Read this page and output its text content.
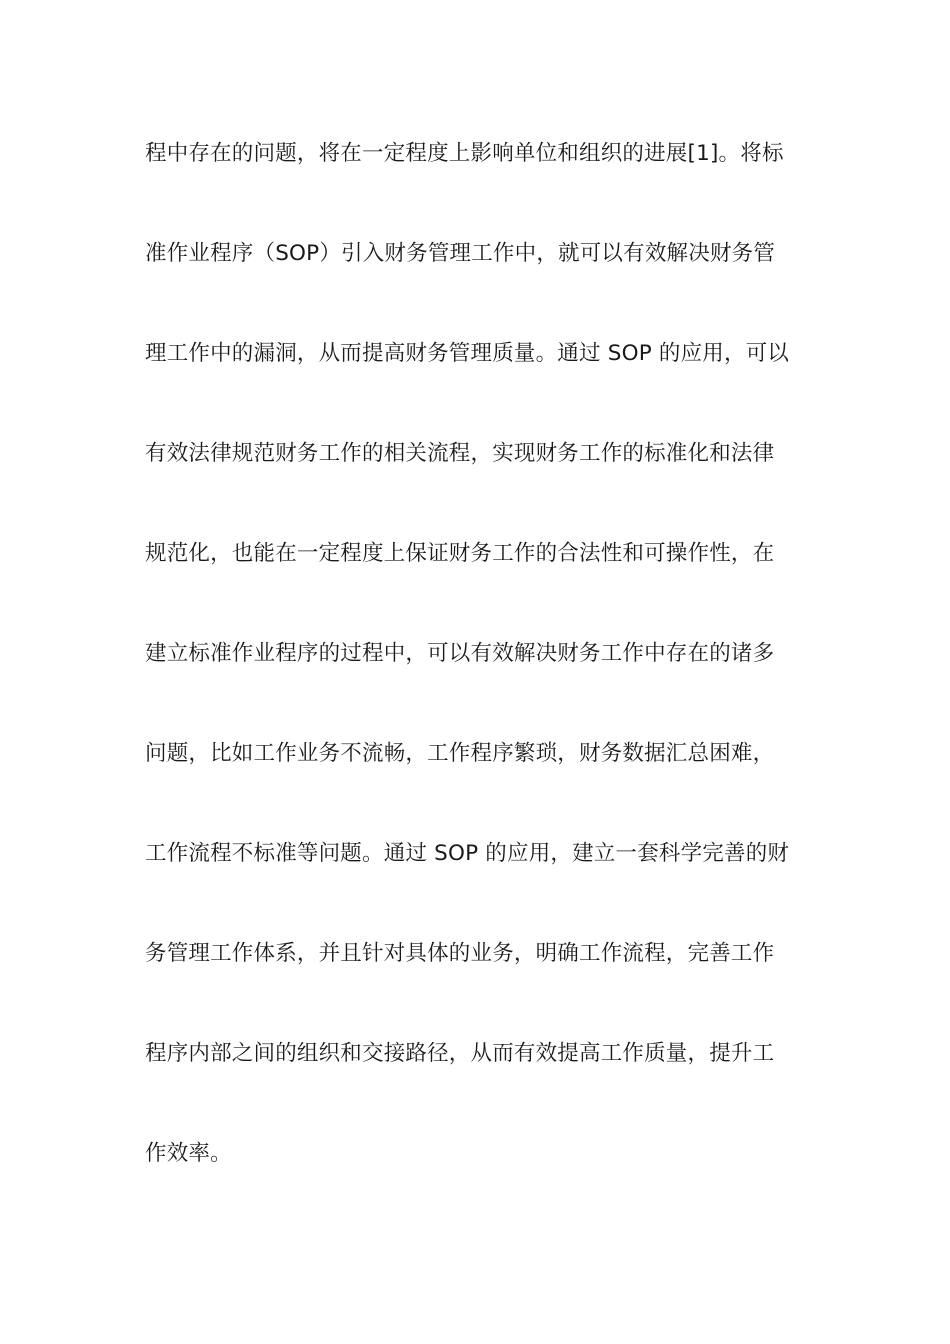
程中存在的问题，将在一定程度上影响单位和组织的进展[1]。将标
准作业程序（SOP）引入财务管理工作中，就可以有效解决财务管
理工作中的漏洞，从而提高财务管理质量。通过 SOP 的应用，可以
有效法律规范财务工作的相关流程，实现财务工作的标准化和法律
规范化，也能在一定程度上保证财务工作的合法性和可操作性，在
建立标准作业程序的过程中，可以有效解决财务工作中存在的诸多
问题，比如工作业务不流畅，工作程序繁琐，财务数据汇总困难，
工作流程不标准等问题。通过 SOP 的应用，建立一套科学完善的财
务管理工作体系，并且针对具体的业务，明确工作流程，完善工作
程序内部之间的组织和交接路径，从而有效提高工作质量，提升工
作效率。
